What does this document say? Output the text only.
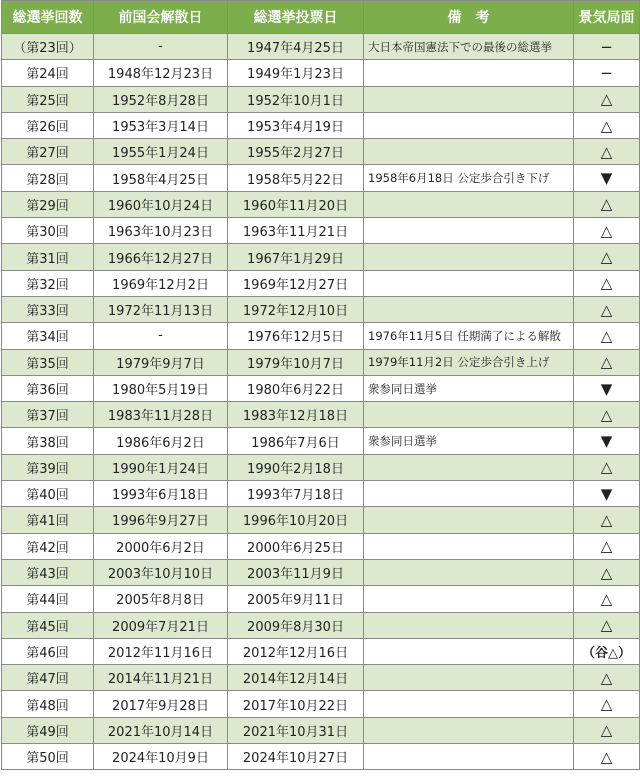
総選挙回数	前国会解散日	総選挙投票日	備　考	景気局面
（第23回）	-	1947年4月25日	大日本帝国憲法下での最後の総選挙	−
第24回	1948年12月23日	1949年1月23日		−
第25回	1952年8月28日	1952年10月1日		△
第26回	1953年3月14日	1953年4月19日		△
第27回	1955年1月24日	1955年2月27日		△
第28回	1958年4月25日	1958年5月22日	1958年6月18日 公定歩合引き下げ	▼
第29回	1960年10月24日	1960年11月20日		△
第30回	1963年10月23日	1963年11月21日		△
第31回	1966年12月27日	1967年1月29日		△
第32回	1969年12月2日	1969年12月27日		△
第33回	1972年11月13日	1972年12月10日		△
第34回	-	1976年12月5日	1976年11月5日 任期満了による解散	△
第35回	1979年9月7日	1979年10月7日	1979年11月2日 公定歩合引き上げ	△
第36回	1980年5月19日	1980年6月22日	衆参同日選挙	▼
第37回	1983年11月28日	1983年12月18日		△
第38回	1986年6月2日	1986年7月6日	衆参同日選挙	▼
第39回	1990年1月24日	1990年2月18日		△
第40回	1993年6月18日	1993年7月18日		▼
第41回	1996年9月27日	1996年10月20日		△
第42回	2000年6月2日	2000年6月25日		△
第43回	2003年10月10日	2003年11月9日		△
第44回	2005年8月8日	2005年9月11日		△
第45回	2009年7月21日	2009年8月30日		△
第46回	2012年11月16日	2012年12月16日		（谷△）
第47回	2014年11月21日	2014年12月14日		△
第48回	2017年9月28日	2017年10月22日		△
第49回	2021年10月14日	2021年10月31日		△
第50回	2024年10月9日	2024年10月27日		△
